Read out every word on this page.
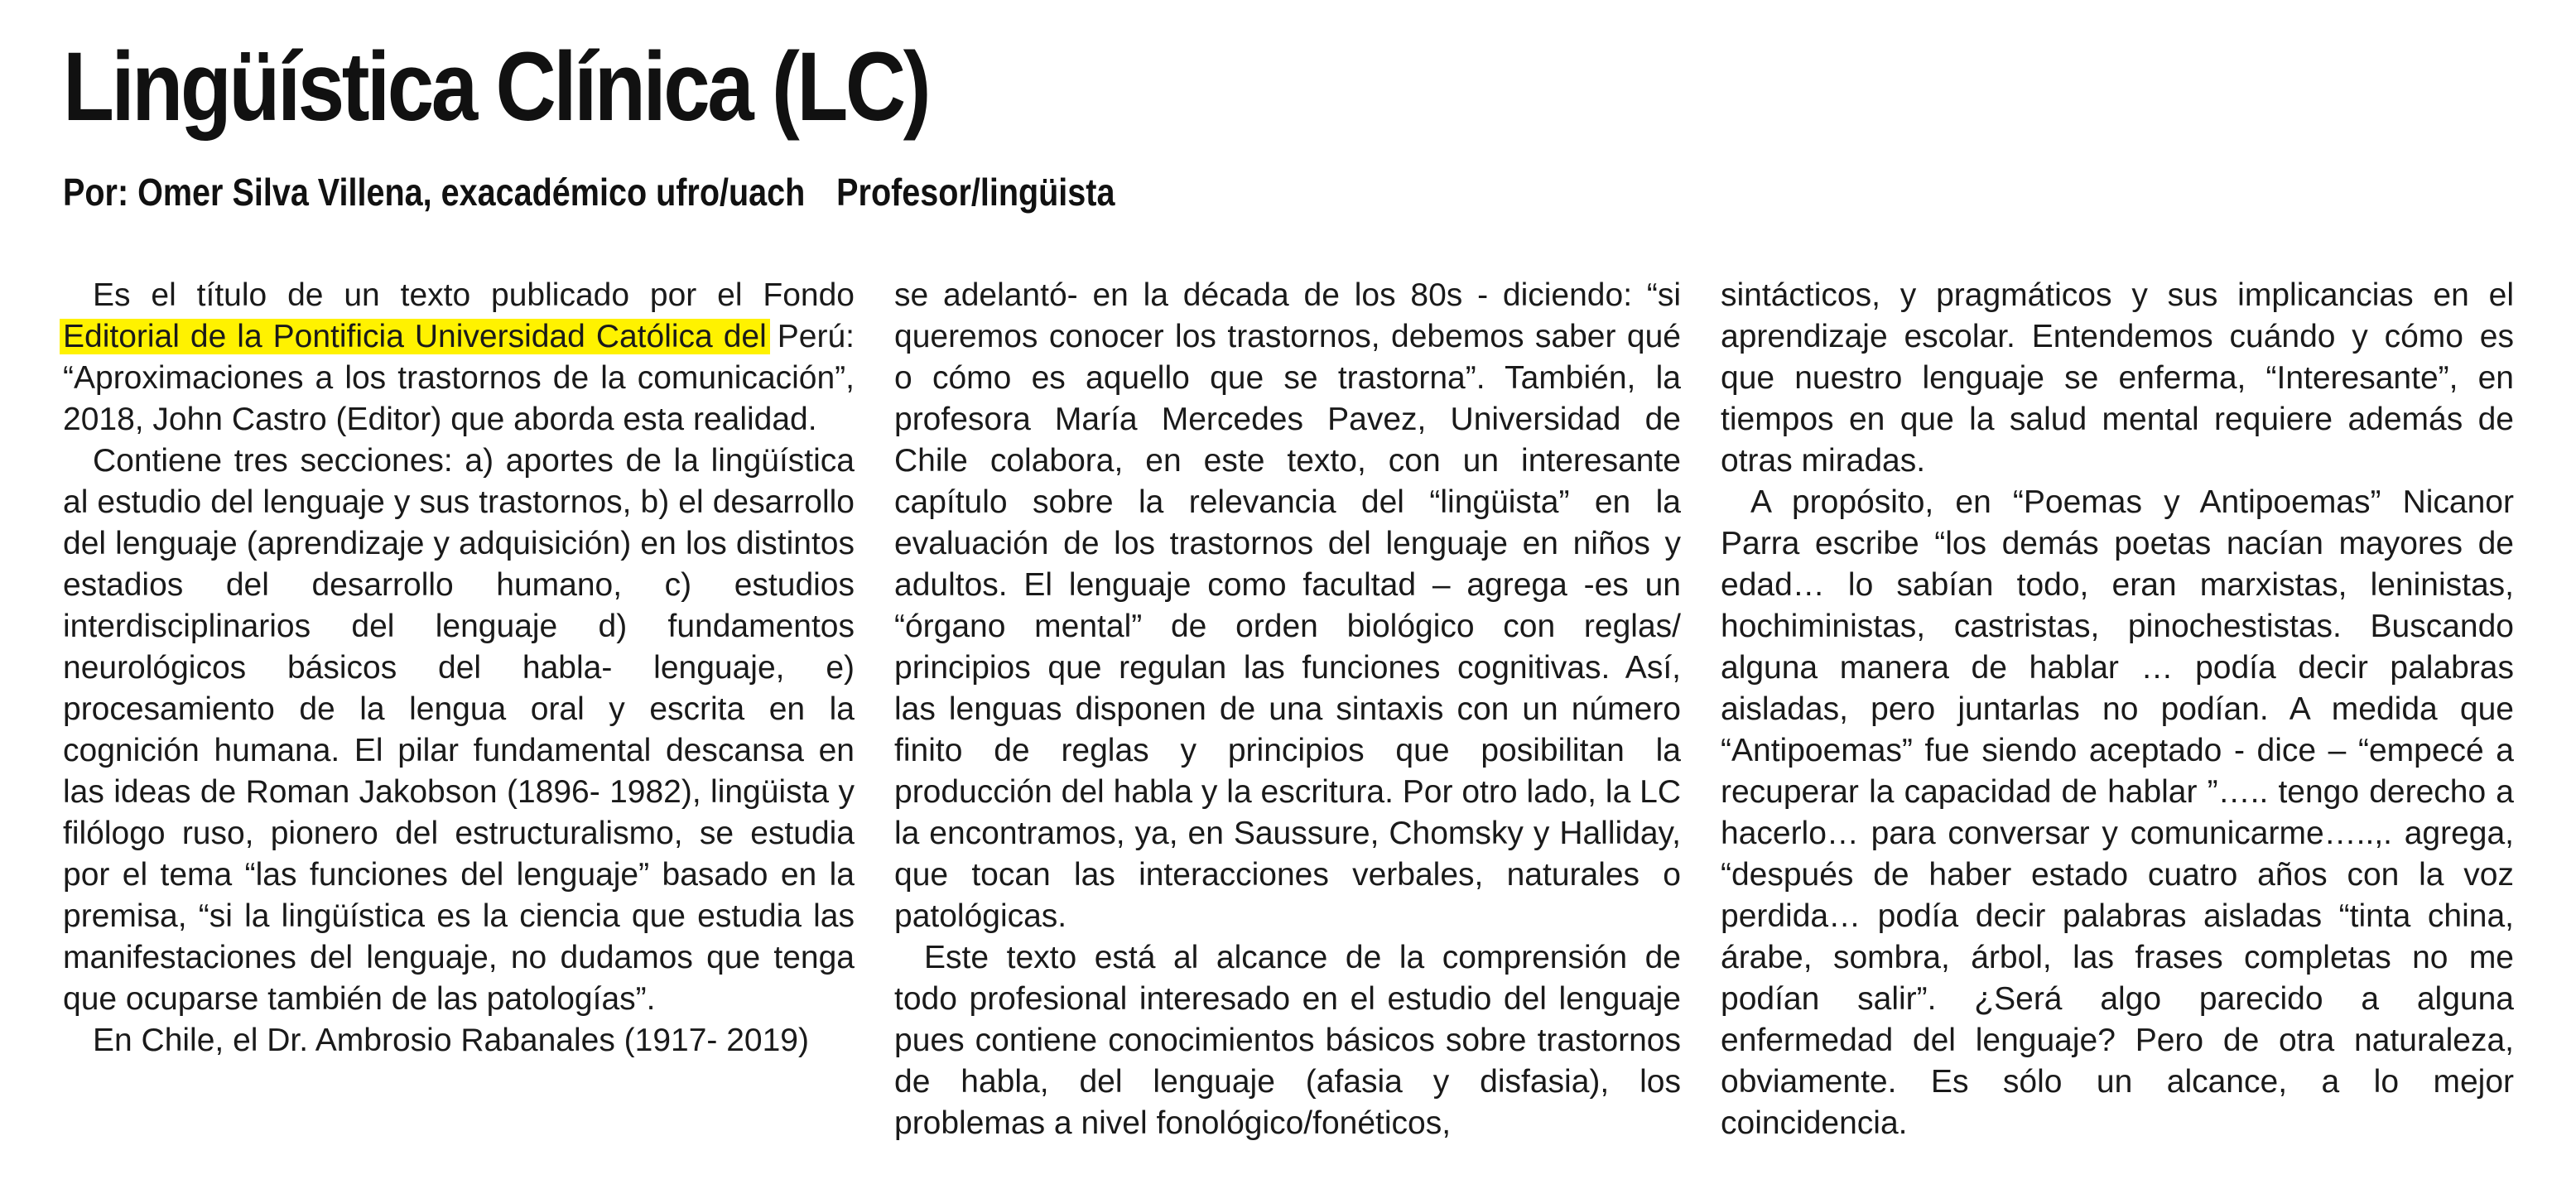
Lingüística Clínica (LC)
Por: Omer Silva Villena, exacadémico ufro/uach Profesor/lingüista

Es el título de un texto publicado por el Fondo Editorial de la Pontificia Universidad Católica del Perú: “Aproximaciones a los trastornos de la comunicación”, 2018, John Castro (Editor) que aborda esta realidad.

Contiene tres secciones: a) aportes de la lingüística al estudio del lenguaje y sus trastornos, b) el desarrollo del lenguaje (aprendizaje y adquisición) en los distintos estadios del desarrollo humano, c) estudios interdisciplinarios del lenguaje d) fundamentos neurológicos básicos del habla- lenguaje, e) procesamiento de la lengua oral y escrita en la cognición humana. El pilar fundamental descansa en las ideas de Roman Jakobson (1896- 1982), lingüista y filólogo ruso, pionero del estructuralismo, se estudia por el tema “las funciones del lenguaje” basado en la premisa, “si la lingüística es la ciencia que estudia las manifestaciones del lenguaje, no dudamos que tenga que ocuparse también de las patologías”.

En Chile, el Dr. Ambrosio Rabanales (1917- 2019)

se adelantó- en la década de los 80s - diciendo: “si queremos conocer los trastornos, debemos saber qué o cómo es aquello que se trastorna”. También, la profesora María Mercedes Pavez, Universidad de Chile colabora, en este texto, con un interesante capítulo sobre la relevancia del “lingüista” en la evaluación de los trastornos del lenguaje en niños y adultos. El lenguaje como facultad – agrega -es un “órgano mental” de orden biológico con reglas/ principios que regulan las funciones cognitivas. Así, las lenguas disponen de una sintaxis con un número finito de reglas y principios que posibilitan la producción del habla y la escritura. Por otro lado, la LC la encontramos, ya, en Saussure, Chomsky y Halliday, que tocan las interacciones verbales, naturales o patológicas.

Este texto está al alcance de la comprensión de todo profesional interesado en el estudio del lenguaje pues contiene conocimientos básicos sobre trastornos de habla, del lenguaje (afasia y disfasia), los problemas a nivel fonológico/fonéticos,

sintácticos, y pragmáticos y sus implicancias en el aprendizaje escolar. Entendemos cuándo y cómo es que nuestro lenguaje se enferma, “Interesante”, en tiempos en que la salud mental requiere además de otras miradas.

A propósito, en “Poemas y Antipoemas” Nicanor Parra escribe “los demás poetas nacían mayores de edad… lo sabían todo, eran marxistas, leninistas, hochiministas, castristas, pinochestistas. Buscando alguna manera de hablar … podía decir palabras aisladas, pero juntarlas no podían. A medida que “Antipoemas” fue siendo aceptado - dice – “empecé a recuperar la capacidad de hablar ”….. tengo derecho a hacerlo… para conversar y comunicarme…..,. agrega, “después de haber estado cuatro años con la voz perdida… podía decir palabras aisladas “tinta china, árabe, sombra, árbol, las frases completas no me podían salir”. ¿Será algo parecido a alguna enfermedad del lenguaje? Pero de otra naturaleza, obviamente. Es sólo un alcance, a lo mejor coincidencia.
